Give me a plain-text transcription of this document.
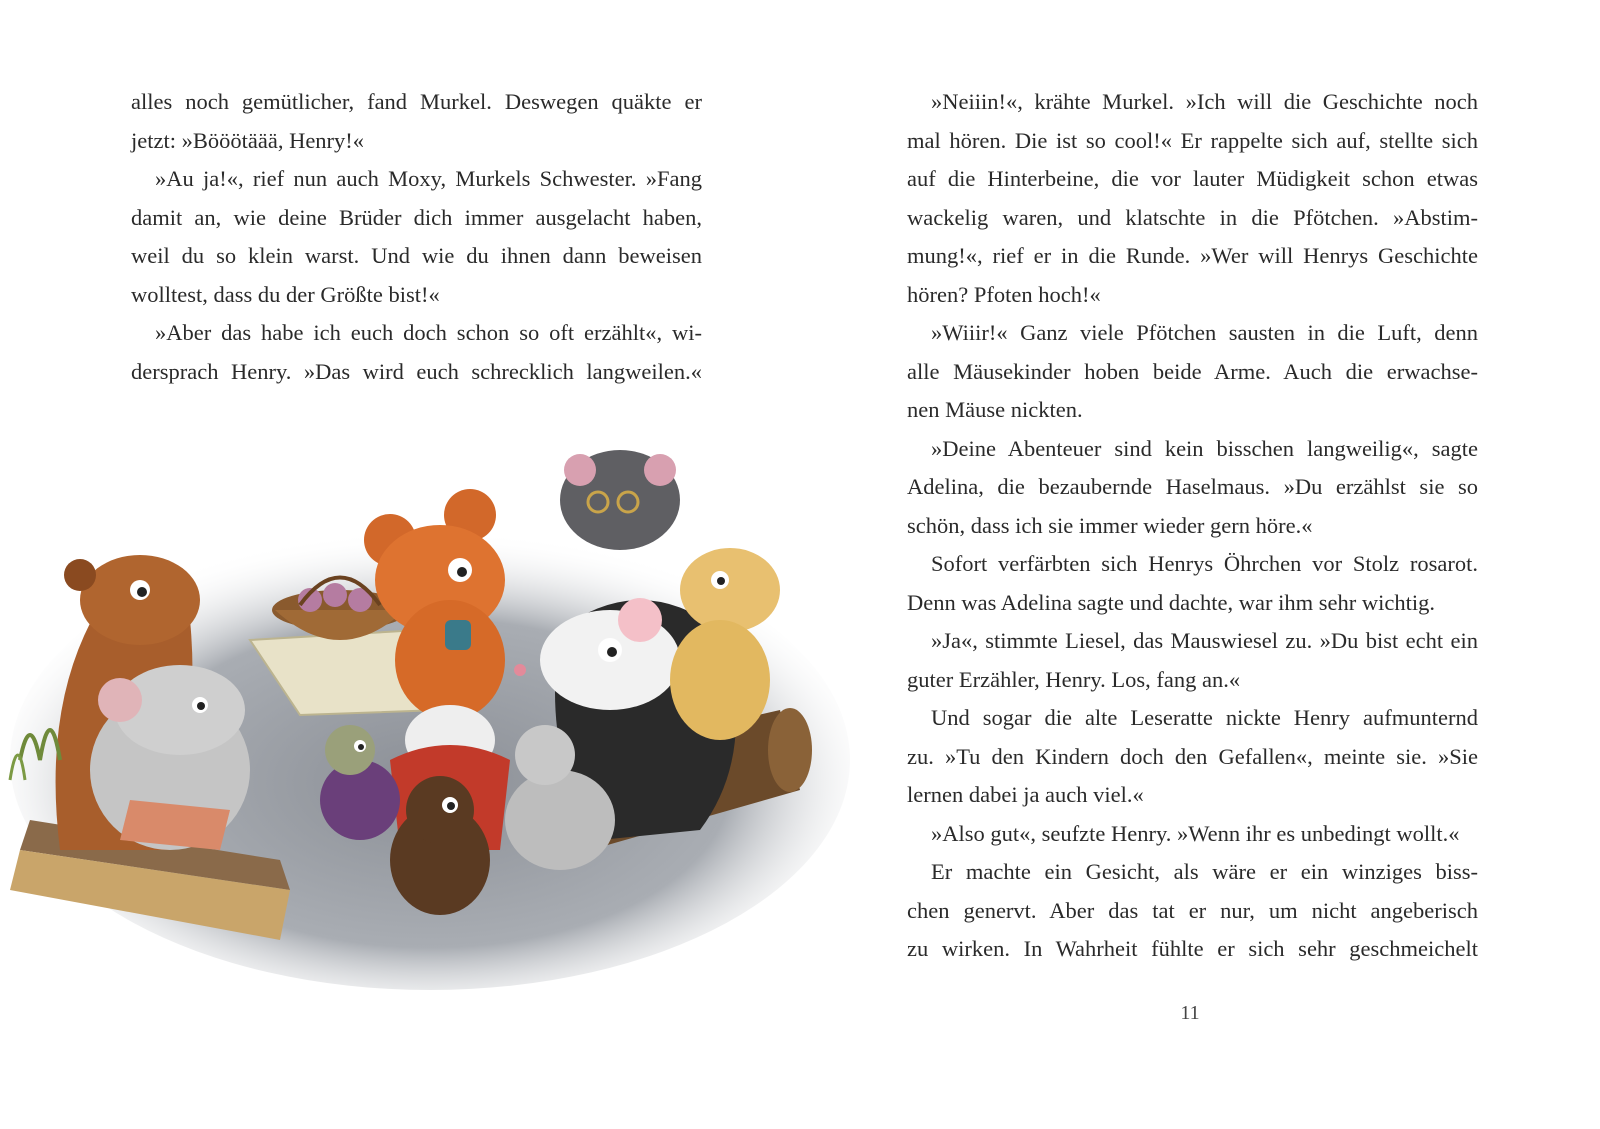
alles noch gemütlicher, fand Murkel. Deswegen quäkte er
jetzt: »Bööötäää, Henry!«
»Au ja!«, rief nun auch Moxy, Murkels Schwester. »Fang
damit an, wie deine Brüder dich immer ausgelacht haben,
weil du so klein warst. Und wie du ihnen dann beweisen
wolltest, dass du der Größte bist!«
»Aber das habe ich euch doch schon so oft erzählt«, wi-
dersprach Henry. »Das wird euch schrecklich langweilen.«
»Neiiin!«, krähte Murkel. »Ich will die Geschichte noch
mal hören. Die ist so cool!« Er rappelte sich auf, stellte sich
auf die Hinterbeine, die vor lauter Müdigkeit schon etwas
wackelig waren, und klatschte in die Pfötchen. »Abstim-
mung!«, rief er in die Runde. »Wer will Henrys Geschichte
hören? Pfoten hoch!«
»Wiiir!« Ganz viele Pfötchen sausten in die Luft, denn
alle Mäusekinder hoben beide Arme. Auch die erwachse-
nen Mäuse nickten.
»Deine Abenteuer sind kein bisschen langweilig«, sagte
Adelina, die bezaubernde Haselmaus. »Du erzählst sie so
schön, dass ich sie immer wieder gern höre.«
Sofort verfärbten sich Henrys Öhrchen vor Stolz rosarot.
Denn was Adelina sagte und dachte, war ihm sehr wichtig.
»Ja«, stimmte Liesel, das Mauswiesel zu. »Du bist echt ein
guter Erzähler, Henry. Los, fang an.«
Und sogar die alte Leseratte nickte Henry aufmunternd
zu. »Tu den Kindern doch den Gefallen«, meinte sie. »Sie
lernen dabei ja auch viel.«
»Also gut«, seufzte Henry. »Wenn ihr es unbedingt wollt.«
Er machte ein Gesicht, als wäre er ein winziges biss-
chen genervt. Aber das tat er nur, um nicht angeberisch
zu wirken. In Wahrheit fühlte er sich sehr geschmeichelt
11
